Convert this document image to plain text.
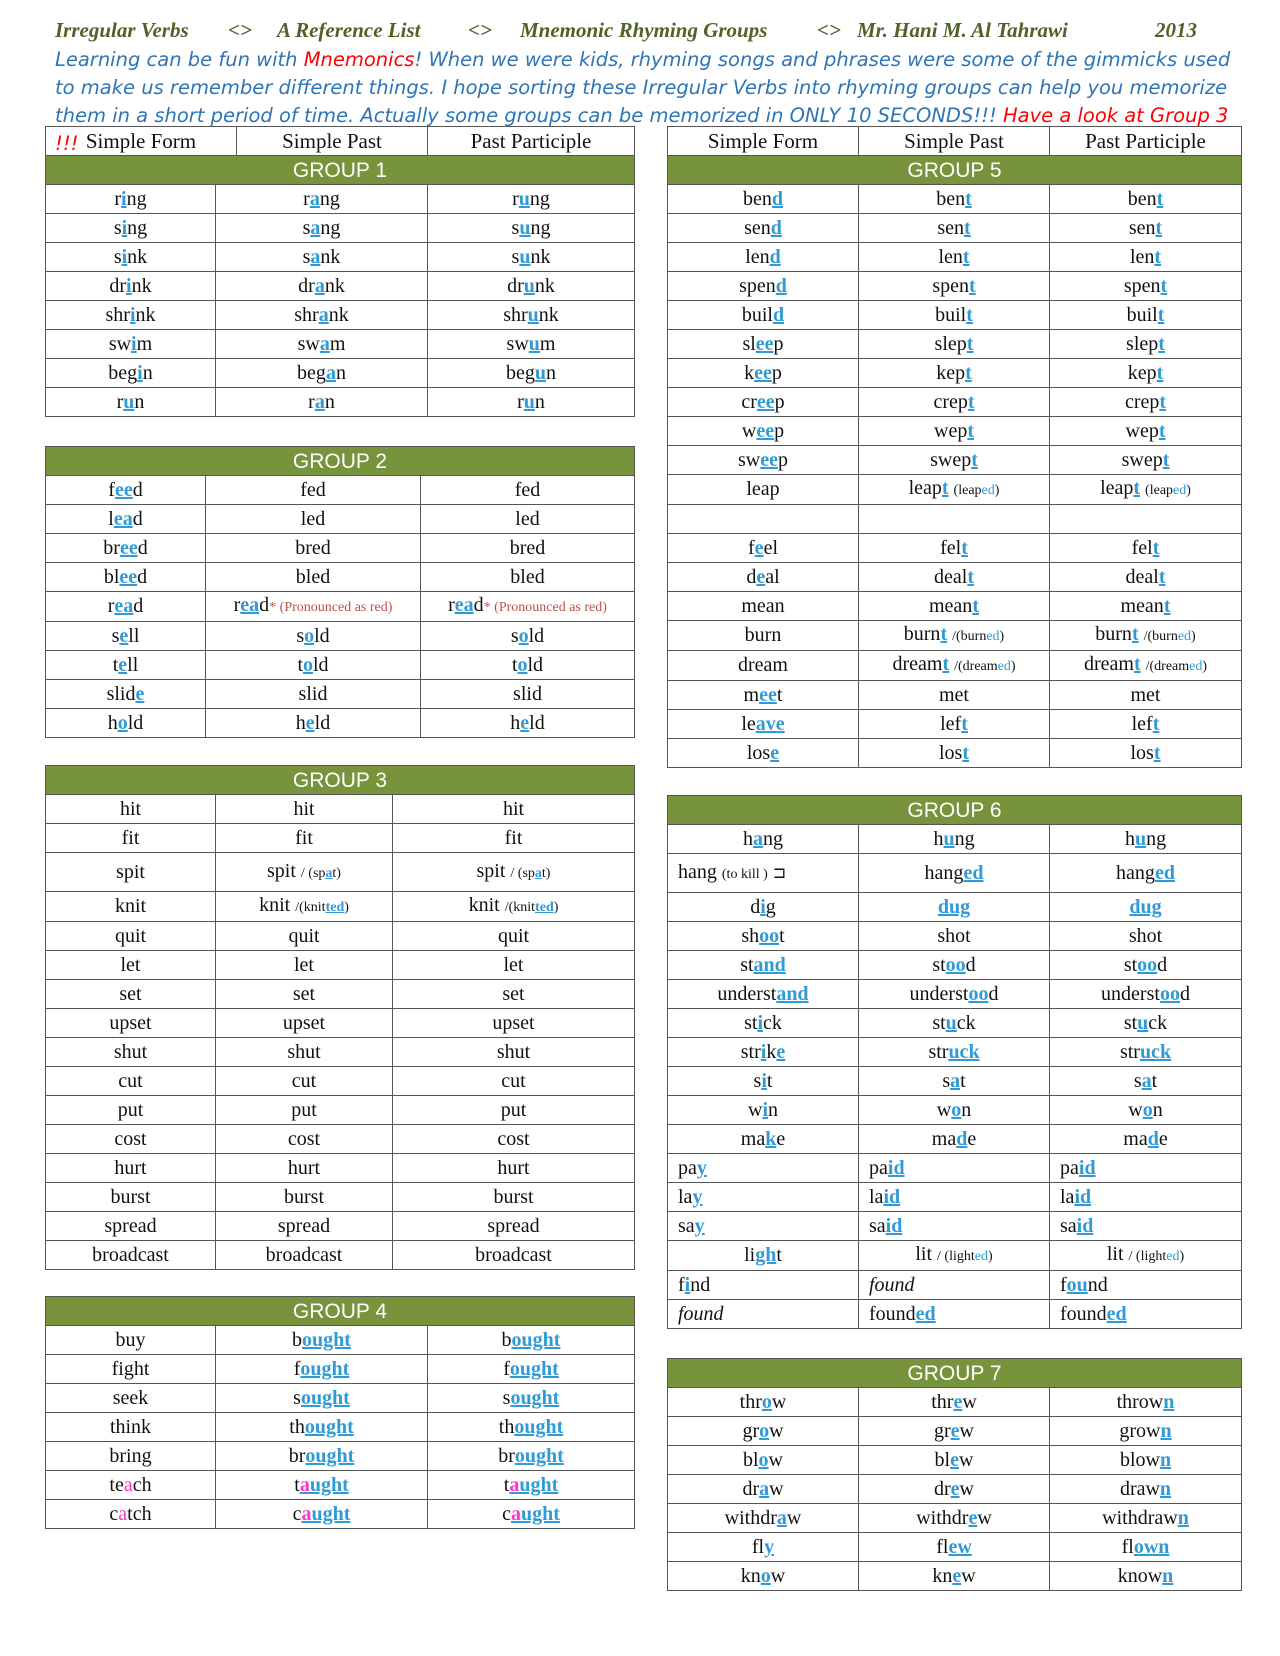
Irregular Verbs <> A Reference List <> Mnemonic Rhyming Groups <> Mr. Hani M. Al Tahrawi	2013
Learning can be fun with Mnemonics! When we were kids, rhyming songs and phrases were some of the gimmicks used to make us remember different things. I hope sorting these Irregular Verbs into rhyming groups can help you memorize them in a short period of time. Actually some groups can be memorized in ONLY 10 SECONDS!!! Have a look at Group 3 !!! Simple Form	Simple Past	Past Participle
GROUP 1
ring	rang	rung
sing	sang	sung
sink	sank	sunk
drink	drank	drunk
shrink	shrank	shrunk
swim	swam	swum
begin	began	begun
run	ran	run
GROUP 2		
feed	fed	fed
lead	led	led
breed	bred	bred
bleed	bled	bled
read	read* (Pronounced as red)	read* (Pronounced as red)
sell	sold	sold
tell	told	told
slide	slid	slid
hold	held	held
GROUP 3		
hit	hit	hit
fit	fit	fit
spit	spit / (spat)	spit / (spat)
knit	knit /(knitted)	knit /(knitted)
quit	quit	quit
let	let	let
set	set	set
upset	upset	upset
shut	shut	shut
cut	cut	cut
put	put	put
cost	cost	cost
hurt	hurt	hurt
burst	burst	burst
spread	spread	spread
broadcast	broadcast	broadcast
GROUP 4		
buy	bought	bought
fight	fought	fought
seek	sought	sought
think	thought	thought
bring	brought	brought
teach	taught	taught
catch	caught	caught
Simple Form	Simple Past	Past Participle
GROUP 5		
bend	bent	bent
send	sent	sent
lend	lent	lent
spend	spent	spent
build	built	built
sleep	slept	slept
keep	kept	kept
creep	crept	crept
weep	wept	wept
sweep	swept	swept
leap	leapt (leaped)	leapt (leaped)

feel	felt	felt
deal	dealt	dealt
mean	meant	meant
burn	burnt /(burned)	burnt /(burned)
dream	dreamt /(dreamed)	dreamt /(dreamed)
meet	met	met
leave	left	left
lose	lost	lost
GROUP 6		
hang	hung	hung
hang (to kill ) ⊐	hanged	hanged
dig	dug	dug
shoot	shot	shot
stand	stood	stood
understand	understood	understood
stick	stuck	stuck
strike	struck	struck
sit	sat	sat
win	won	won
make	made	made
pay	paid	paid
lay	laid	laid
say	said	said
light	lit / (lighted)	lit / (lighted)
find	found	found
found	founded	founded
GROUP 7		
throw	threw	thrown
grow	grew	grown
blow	blew	blown
draw	drew	drawn
withdraw	withdrew	withdrawn
fly	flew	flown
know	knew	known
